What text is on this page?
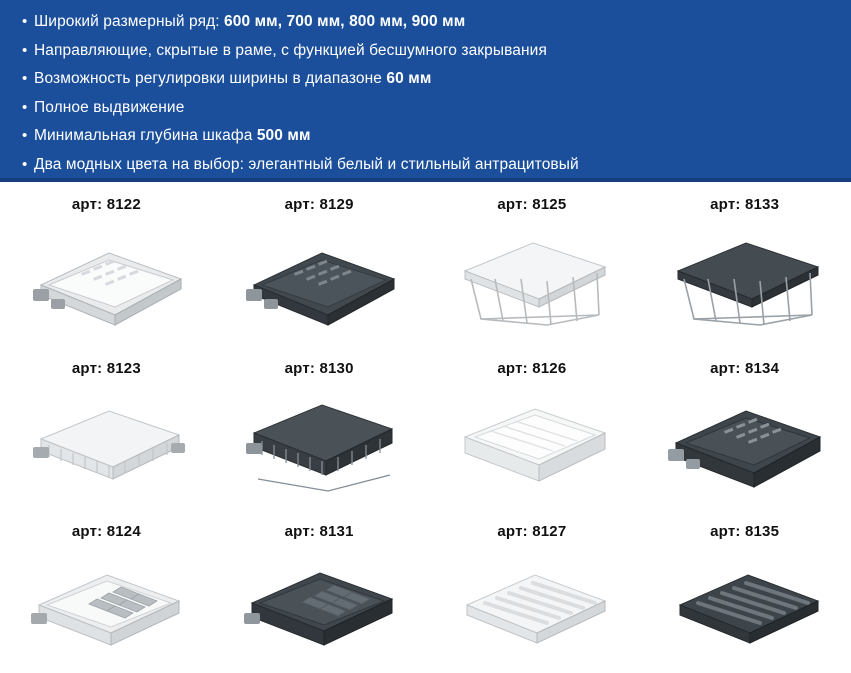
• Широкий размерный ряд: 600 мм, 700 мм, 800 мм, 900 мм
• Направляющие, скрытые в раме, с функцией бесшумного закрывания
• Возможность регулировки ширины в диапазоне 60 мм
• Полное выдвижение
• Минимальная глубина шкафа 500 мм
• Два модных цвета на выбор: элегантный белый и стильный антрацитовый
арт: 8122	арт: 8129	арт: 8125	арт: 8133
арт: 8123	арт: 8130	арт: 8126	арт: 8134
арт: 8124	арт: 8131	арт: 8127	арт: 8135
